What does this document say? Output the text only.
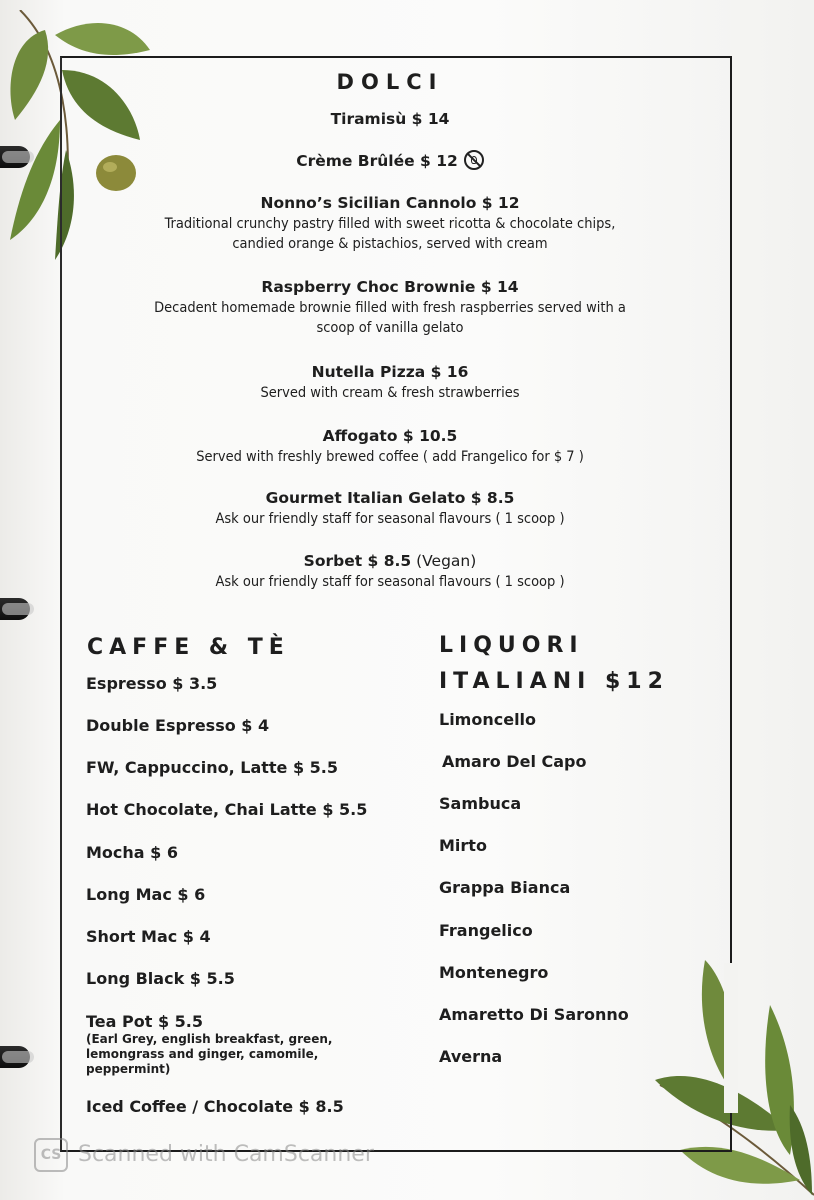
DOLCI
Tiramisù $ 14
Crème Brûlée $ 12
Nonno’s Sicilian Cannolo $ 12
Traditional crunchy pastry filled with sweet ricotta & chocolate chips,
candied orange & pistachios, served with cream
Raspberry Choc Brownie $ 14
Decadent homemade brownie filled with fresh raspberries served with a
scoop of vanilla gelato
Nutella Pizza $ 16
Served with cream & fresh strawberries
Affogato $ 10.5
Served with freshly brewed coffee ( add Frangelico for $ 7 )
Gourmet Italian Gelato $ 8.5
Ask our friendly staff for seasonal flavours ( 1 scoop )
Sorbet $ 8.5 (Vegan)
Ask our friendly staff for seasonal flavours ( 1 scoop )
CAFFE & TÈ
Espresso $ 3.5
Double Espresso $ 4
FW, Cappuccino, Latte $ 5.5
Hot Chocolate, Chai Latte $ 5.5
Mocha $ 6
Long Mac $ 6
Short Mac $ 4
Long Black $ 5.5
Tea Pot $ 5.5
(Earl Grey, english breakfast, green, lemongrass and ginger, camomile, peppermint)
Iced Coffee / Chocolate $ 8.5
LIQUORI
ITALIANI $12
Limoncello
Amaro Del Capo
Sambuca
Mirto
Grappa Bianca
Frangelico
Montenegro
Amaretto Di Saronno
Averna
CS Scanned with CamScanner
